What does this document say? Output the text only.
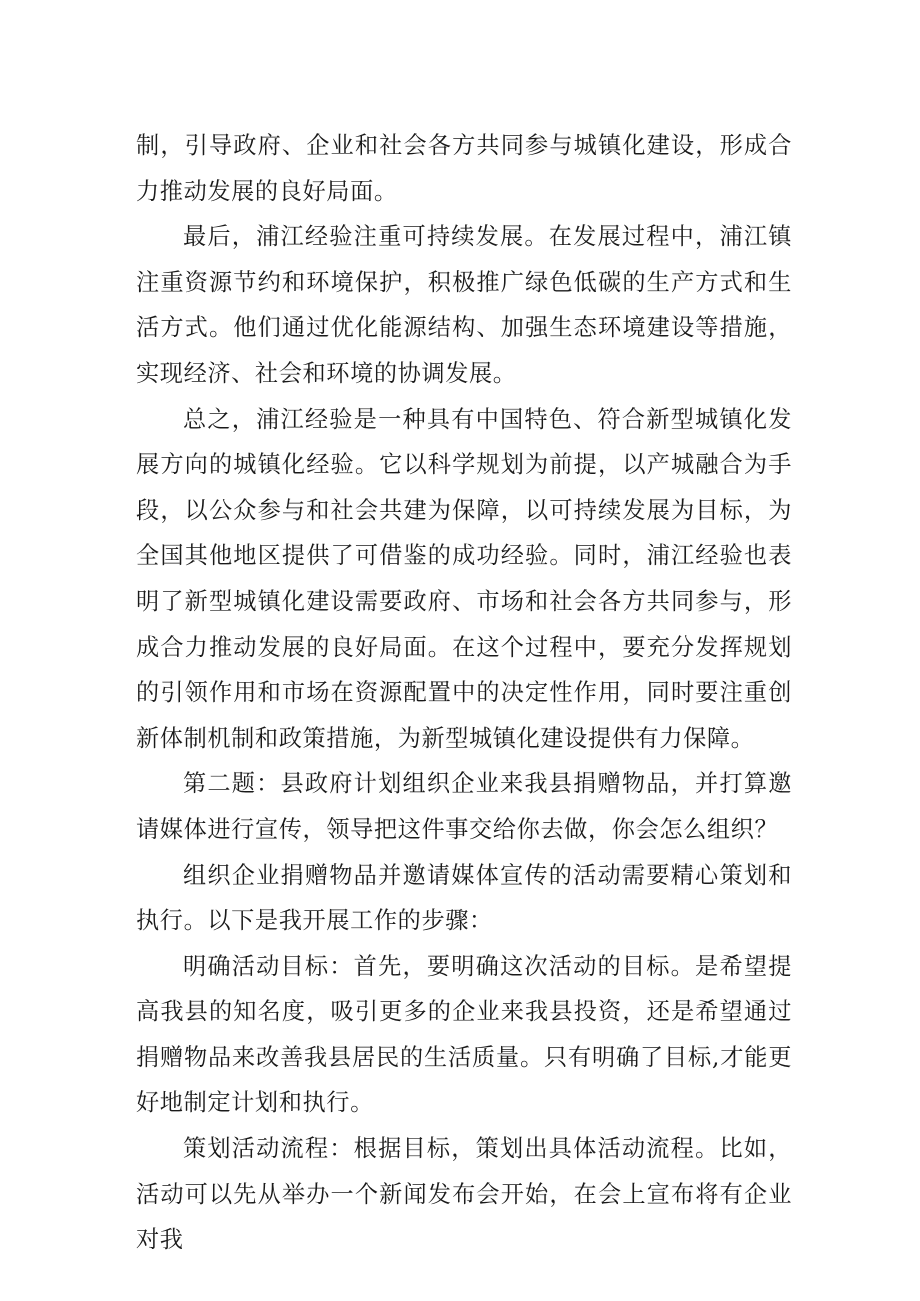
制，引导政府、企业和社会各方共同参与城镇化建设，形成合力推动发展的良好局面。

最后，浦江经验注重可持续发展。在发展过程中，浦江镇注重资源节约和环境保护，积极推广绿色低碳的生产方式和生活方式。他们通过优化能源结构、加强生态环境建设等措施，实现经济、社会和环境的协调发展。

总之，浦江经验是一种具有中国特色、符合新型城镇化发展方向的城镇化经验。它以科学规划为前提，以产城融合为手段，以公众参与和社会共建为保障，以可持续发展为目标，为全国其他地区提供了可借鉴的成功经验。同时，浦江经验也表明了新型城镇化建设需要政府、市场和社会各方共同参与，形成合力推动发展的良好局面。在这个过程中，要充分发挥规划的引领作用和市场在资源配置中的决定性作用，同时要注重创新体制机制和政策措施，为新型城镇化建设提供有力保障。

第二题：县政府计划组织企业来我县捐赠物品，并打算邀请媒体进行宣传，领导把这件事交给你去做，你会怎么组织？

组织企业捐赠物品并邀请媒体宣传的活动需要精心策划和执行。以下是我开展工作的步骤：

明确活动目标：首先，要明确这次活动的目标。是希望提高我县的知名度，吸引更多的企业来我县投资，还是希望通过捐赠物品来改善我县居民的生活质量。只有明确了目标,才能更好地制定计划和执行。

策划活动流程：根据目标，策划出具体活动流程。比如，活动可以先从举办一个新闻发布会开始，在会上宣布将有企业对我
